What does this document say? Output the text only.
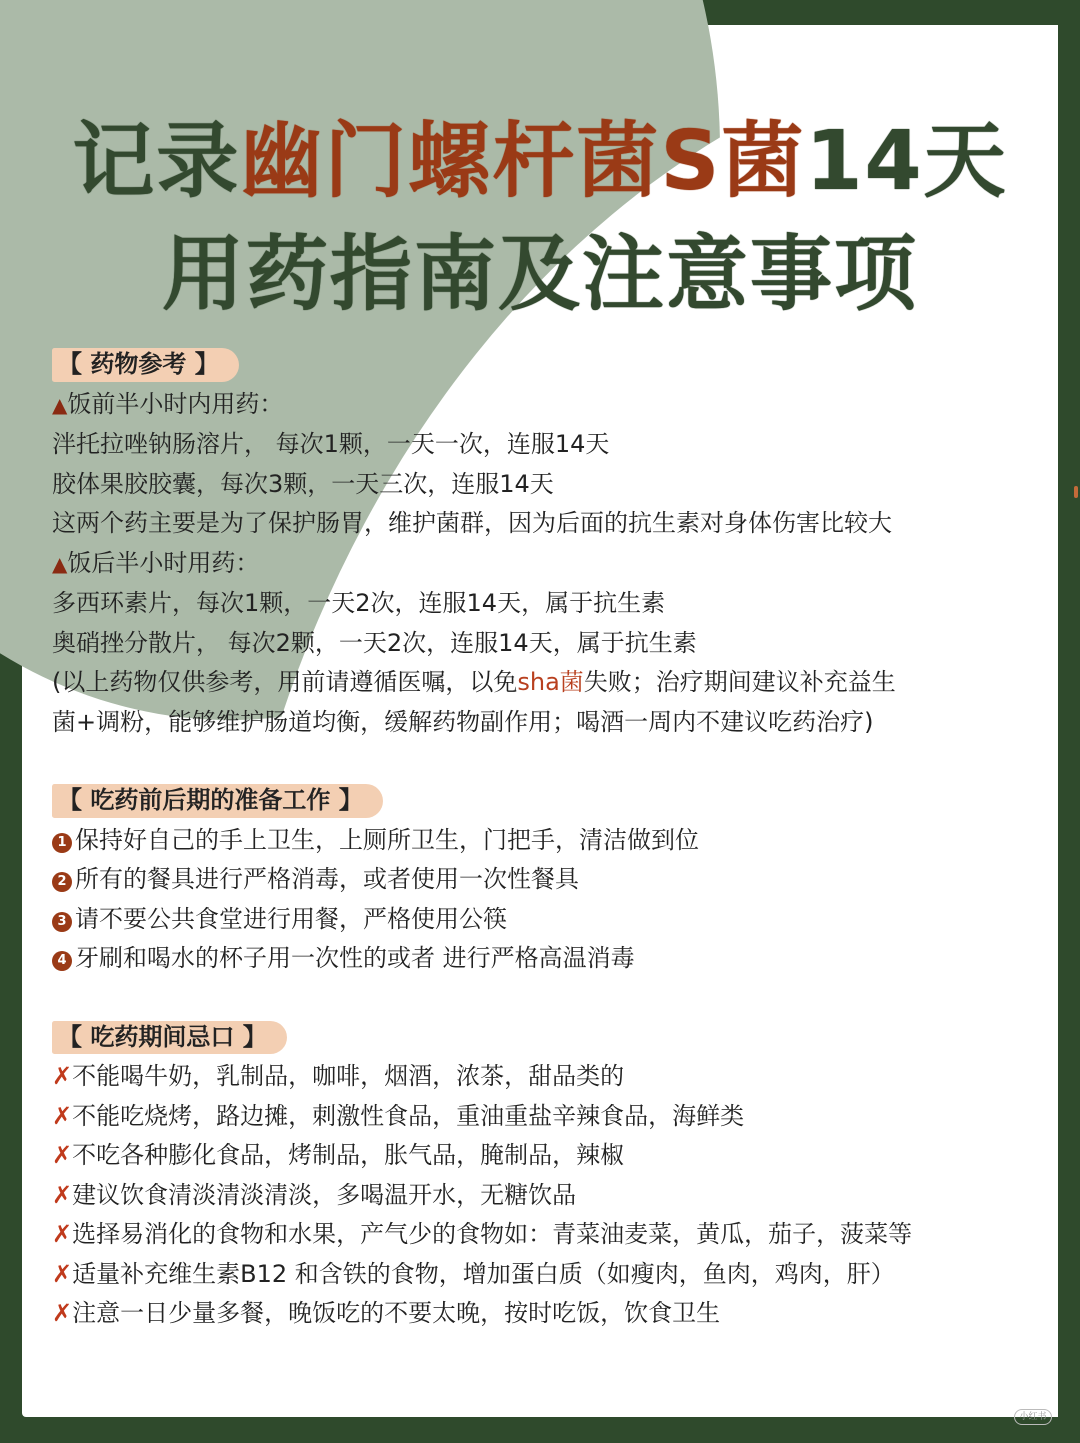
记录幽门螺杆菌S菌14天
用药指南及注意事项
【 药物参考 】
▲饭前半小时内用药：
泮托拉唑钠肠溶片， 每次1颗，一天一次，连服14天
胶体果胶胶囊，每次3颗，一天三次，连服14天
这两个药主要是为了保护肠胃，维护菌群，因为后面的抗生素对身体伤害比较大
▲饭后半小时用药：
多西环素片，每次1颗，一天2次，连服14天，属于抗生素
奥硝挫分散片， 每次2颗，一天2次，连服14天，属于抗生素
(以上药物仅供参考，用前请遵循医嘱，以免sha菌失败；治疗期间建议补充益生
菌+调粉，能够维护肠道均衡，缓解药物副作用；喝酒一周内不建议吃药治疗)
【 吃药前后期的准备工作 】
1 保持好自己的手上卫生，上厕所卫生，门把手，清洁做到位
2 所有的餐具进行严格消毒，或者使用一次性餐具
3 请不要公共食堂进行用餐，严格使用公筷
4 牙刷和喝水的杯子用一次性的或者 进行严格高温消毒
【 吃药期间忌口 】
✗不能喝牛奶，乳制品，咖啡，烟酒，浓茶，甜品类的
✗不能吃烧烤，路边摊，刺激性食品，重油重盐辛辣食品，海鲜类
✗不吃各种膨化食品，烤制品，胀气品，腌制品，辣椒
✗建议饮食清淡清淡清淡，多喝温开水，无糖饮品
✗选择易消化的食物和水果，产气少的食物如：青菜油麦菜，黄瓜，茄子，菠菜等
✗适量补充维生素B12 和含铁的食物，增加蛋白质（如瘦肉，鱼肉，鸡肉，肝）
✗注意一日少量多餐，晚饭吃的不要太晚，按时吃饭，饮食卫生
小红书
